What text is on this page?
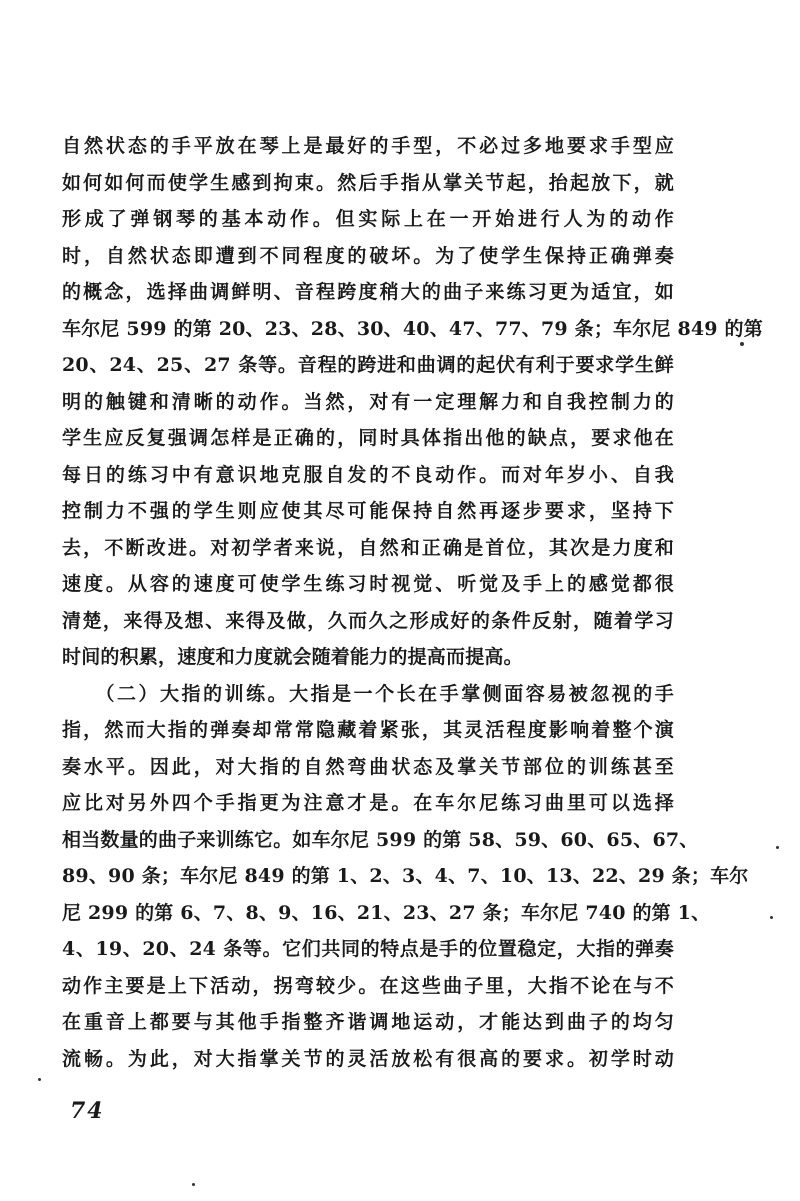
自然状态的手平放在琴上是最好的手型，不必过多地要求手型应
如何如何而使学生感到拘束。然后手指从掌关节起，抬起放下，就
形成了弹钢琴的基本动作。但实际上在一开始进行人为的动作
时，自然状态即遭到不同程度的破坏。为了使学生保持正确弹奏
的概念，选择曲调鲜明、音程跨度稍大的曲子来练习更为适宜，如
车尔尼 599 的第 20、23、28、30、40、47、77、79 条；车尔尼 849 的第
20、24、25、27 条等。音程的跨进和曲调的起伏有利于要求学生鲜
明的触键和清晰的动作。当然，对有一定理解力和自我控制力的
学生应反复强调怎样是正确的，同时具体指出他的缺点，要求他在
每日的练习中有意识地克服自发的不良动作。而对年岁小、自我
控制力不强的学生则应使其尽可能保持自然再逐步要求，坚持下
去，不断改进。对初学者来说，自然和正确是首位，其次是力度和
速度。从容的速度可使学生练习时视觉、听觉及手上的感觉都很
清楚，来得及想、来得及做，久而久之形成好的条件反射，随着学习
时间的积累，速度和力度就会随着能力的提高而提高。
　　（二）大指的训练。大指是一个长在手掌侧面容易被忽视的手
指，然而大指的弹奏却常常隐藏着紧张，其灵活程度影响着整个演
奏水平。因此，对大指的自然弯曲状态及掌关节部位的训练甚至
应比对另外四个手指更为注意才是。在车尔尼练习曲里可以选择
相当数量的曲子来训练它。如车尔尼 599 的第 58、59、60、65、67、
89、90 条；车尔尼 849 的第 1、2、3、4、7、10、13、22、29 条；车尔
尼 299 的第 6、7、8、9、16、21、23、27 条；车尔尼 740 的第 1、
4、19、20、24 条等。它们共同的特点是手的位置稳定，大指的弹奏
动作主要是上下活动，拐弯较少。在这些曲子里，大指不论在与不
在重音上都要与其他手指整齐谐调地运动，才能达到曲子的均匀
流畅。为此，对大指掌关节的灵活放松有很高的要求。初学时动
74
